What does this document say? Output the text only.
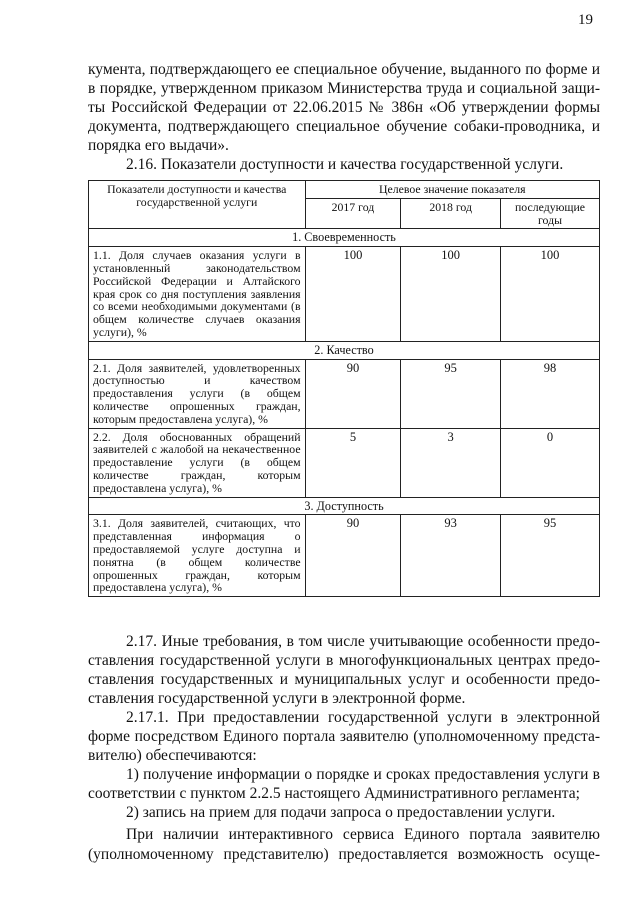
19
кумента, подтверждающего ее специальное обучение, выданного по форме и
в порядке, утвержденном приказом Министерства труда и социальной защи-
ты Российской Федерации от 22.06.2015 № 386н «Об утверждении формы
документа, подтверждающего специальное обучение собаки-проводника, и
порядка его выдачи».
2.16. Показатели доступности и качества государственной услуги.
Показатели доступности и качества государственной услуги	Целевое значение показателя		
	2017 год	2018 год	последующие годы
1. Своевременность			
1.1. Доля случаев оказания услуги в установленный законодательством Российской Федерации и Алтайского края срок со дня поступления заявления со всеми необходимыми документами (в общем количестве случаев оказания услуги), %	100	100	100
2. Качество			
2.1. Доля заявителей, удовлетворенных доступностью и качеством предоставления услуги (в общем количестве опрошенных граждан, которым предоставлена услуга), %	90	95	98
2.2. Доля обоснованных обращений заявителей с жалобой на некачественное предоставление услуги (в общем количестве граждан, которым предоставлена услуга), %	5	3	0
3. Доступность			
3.1. Доля заявителей, считающих, что представленная информация о предоставляемой услуге доступна и понятна (в общем количестве опрошенных граждан, которым предоставлена услуга), %	90	93	95
2.17. Иные требования, в том числе учитывающие особенности предо-
ставления государственной услуги в многофункциональных центрах предо-
ставления государственных и муниципальных услуг и особенности предо-
ставления государственной услуги в электронной форме.
2.17.1. При предоставлении государственной услуги в электронной
форме посредством Единого портала заявителю (уполномоченному предста-
вителю) обеспечиваются:
1) получение информации о порядке и сроках предоставления услуги в
соответствии с пунктом 2.2.5 настоящего Административного регламента;
2) запись на прием для подачи запроса о предоставлении услуги.
При наличии интерактивного сервиса Единого портала заявителю
(уполномоченному представителю) предоставляется возможность осуще-
